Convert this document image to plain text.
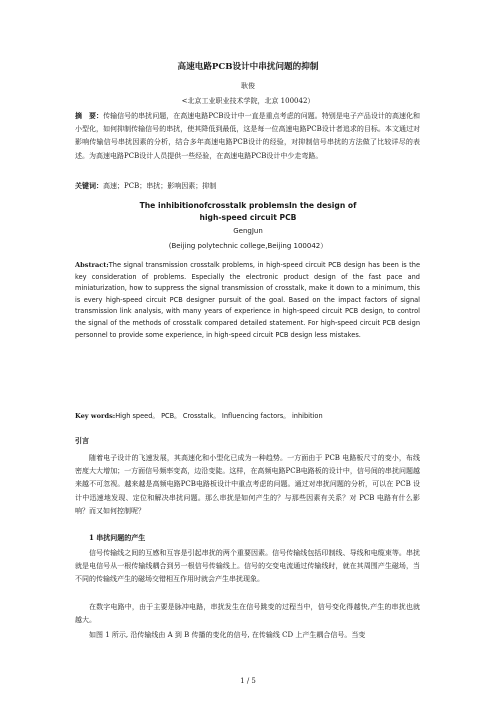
高速电路PCB设计中串扰问题的抑制
耿俊
<北京工业职业技术学院，北京 100042）
摘　要：传输信号的串扰问题，在高速电路PCB设计中一直是重点考虑的问题。特别是电子产品设计的高速化和小型化，如何抑制传输信号的串扰，使其降低到最低，这是每一位高速电路PCB设计者追求的目标。本文通过对影响传输信号串扰因素的分析，结合多年高速电路PCB设计的经验，对抑制信号串扰的方法做了比较详尽的表述。为高速电路PCB设计人员提供一些经验，在高速电路PCB设计中少走弯路。
关键词：高速；PCB；串扰；影响因素；抑制
The inhibitionofcrosstalk problemsIn the design of
high-speed circuit PCB
GengJun
(Beijing polytechnic college,Beijing 100042）
Abstract:The signal transmission crosstalk problems, in high-speed circuit PCB design has been is the key consideration of problems. Especially the electronic product design of the fast pace and miniaturization, how to suppress the signal transmission of crosstalk, make it down to a minimum, this is every high-speed circuit PCB designer pursuit of the goal. Based on the impact factors of signal transmission link analysis, with many years of experience in high-speed circuit PCB design, to control the signal of the methods of crosstalk compared detailed statement. For high-speed circuit PCB design personnel to provide some experience, in high-speed circuit PCB design less mistakes.
Key words:High speed。 PCB。 Crosstalk。 Influencing factors。 inhibition
引言
随着电子设计的飞速发展，其高速化和小型化已成为一种趋势。一方面由于 PCB 电路板尺寸的变小，布线密度大大增加；一方面信号频率变高，边沿变陡。这样，在高频电路PCB电路板的设计中，信号间的串扰问题越来越不可忽视。越来越是高频电路PCB电路板设计中重点考虑的问题。通过对串扰问题的分析，可以在 PCB 设计中迅速地发现、定位和解决串扰问题。那么串扰是如何产生的？与那些因素有关系？对 PCB 电路有什么影响？而又如何控制呢？
1 串扰问题的产生
信号传输线之间的互感和互容是引起串扰的两个重要因素。信号传输线包括印制线、导线和电缆束等。串扰就是电信号从一根传输线耦合到另一根信号传输线上。信号的交变电流通过传输线时，就在其周围产生磁场，当不同的传输线产生的磁场交错相互作用时就会产生串扰现象。
在数字电路中，由于主要是脉冲电路，串扰发生在信号跳变的过程当中，信号变化得越快,产生的串扰也就越大。
如图 1 所示, 沿传输线由 A 到 B 传播的变化的信号, 在传输线 CD 上产生耦合信号。当变
1 / 5
